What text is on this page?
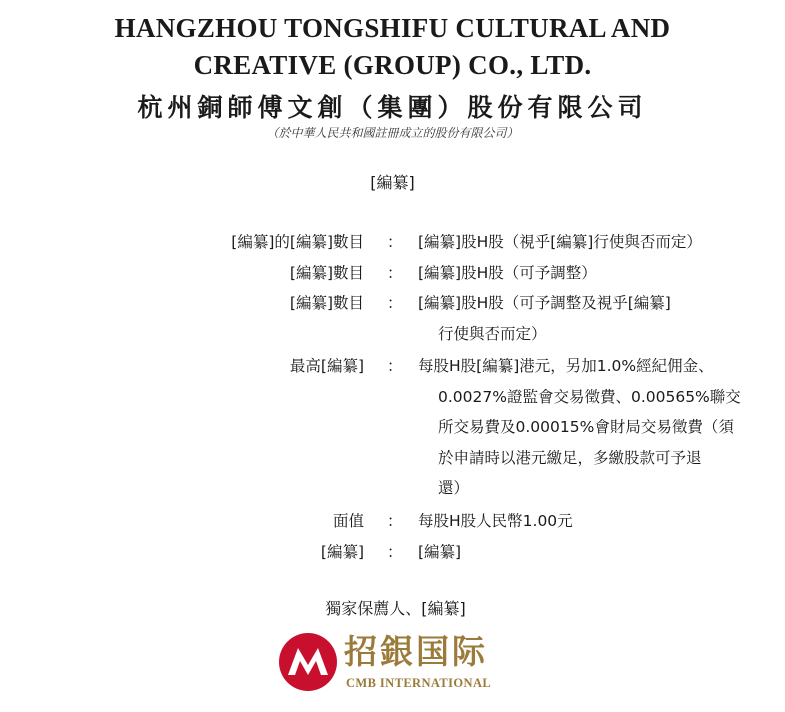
HANGZHOU TONGSHIFU CULTURAL AND
CREATIVE (GROUP) CO., LTD.
杭州銅師傅文創（集團）股份有限公司
（於中華人民共和國註冊成立的股份有限公司）
[編纂]
[編纂]的[編纂]數目 ： [編纂]股H股（視乎[編纂]行使與否而定）
[編纂]數目 ： [編纂]股H股（可予調整）
[編纂]數目 ： [編纂]股H股（可予調整及視乎[編纂]
行使與否而定）
最高[編纂] ： 每股H股[編纂]港元，另加1.0%經紀佣金、
0.0027%證監會交易徵費、0.00565%聯交
所交易費及0.00015%會財局交易徵費（須
於申請時以港元繳足，多繳股款可予退
還）
面值 ： 每股H股人民幣1.00元
[編纂] ： [編纂]
獨家保薦人、[編纂]
招銀国际
CMB INTERNATIONAL
